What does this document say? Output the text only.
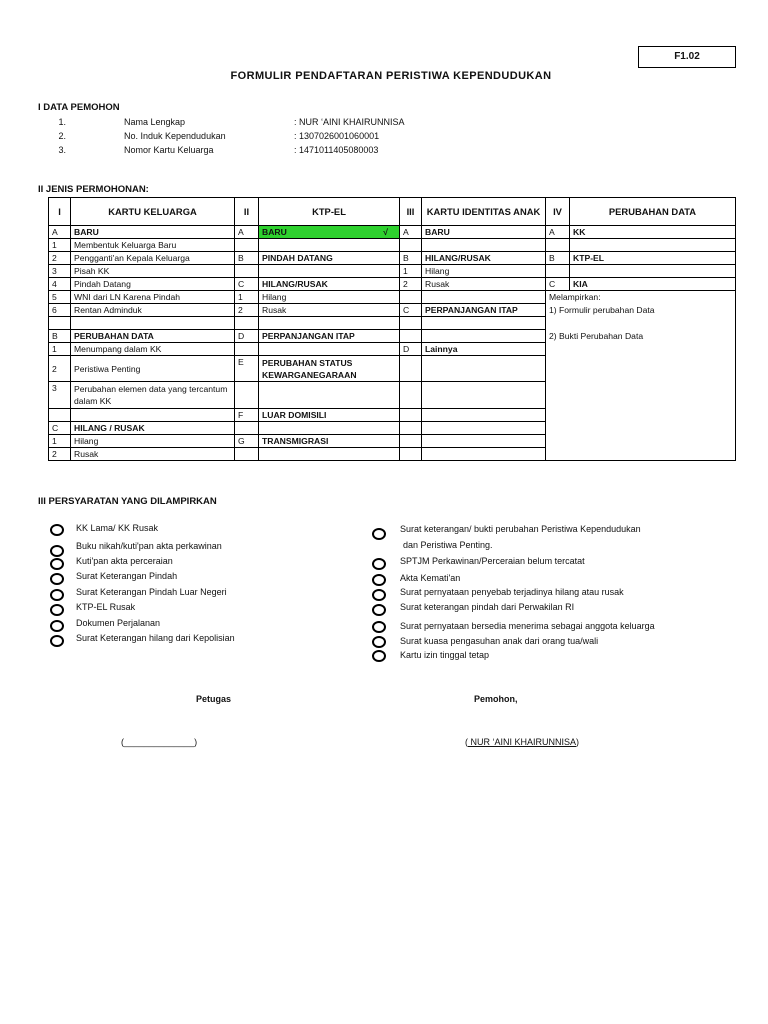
F1.02
FORMULIR PENDAFTARAN PERISTIWA KEPENDUDUKAN
I DATA PEMOHON
1.	Nama Lengkap	: NUR ‘AINI KHAIRUNNISA
2.	No. Induk Kependudukan	: 1307026001060001
3.	Nomor Kartu Keluarga	: 1471011405080003
II JENIS PERMOHONAN:
I	KARTU KELUARGA	II	KTP-EL	III	KARTU IDENTITAS ANAK	IV	PERUBAHAN DATA
A	BARU	A	BARU √	A	BARU	A	KK
1	Membentuk Keluarga Baru						
2	Pengganti'an Kepala Keluarga	B	PINDAH DATANG	B	HILANG/RUSAK	B	KTP-EL
3	Pisah KK			1	Hilang		
4	Pindah Datang	C	HILANG/RUSAK	2	Rusak	C	KIA
5	WNI dari LN Karena Pindah	1	Hilang			Melampirkan:	
6	Rentan Adminduk	2	Rusak	C	PERPANJANGAN ITAP	1) Formulir perubahan Data	

B	PERUBAHAN DATA	D	PERPANJANGAN ITAP			2) Bukti Perubahan Data	
1	Menumpang dalam KK			D	Lainnya		
2	Peristiwa Penting	E	PERUBAHAN STATUS KEWARGANEGARAAN				
3	Perubahan elemen data yang tercantum dalam KK						
		F	LUAR DOMISILI				
C	HILANG / RUSAK						
1	Hilang	G	TRANSMIGRASI				
2	Rusak						
III PERSYARATAN YANG DILAMPIRKAN
KK Lama/ KK Rusak
Buku nikah/kuti'pan akta perkawinan
Kuti'pan akta perceraian
Surat Keterangan Pindah
Surat Keterangan Pindah Luar Negeri
KTP-EL Rusak
Dokumen Perjalanan
Surat Keterangan hilang dari Kepolisian
Surat keterangan/ bukti perubahan Peristiwa Kependudukan
dan Peristiwa Penting.
SPTJM Perkawinan/Perceraian belum tercatat
Akta Kemati'an
Surat pernyataan penyebab terjadinya hilang atau rusak
Surat keterangan pindah dari Perwakilan RI
Surat pernyataan bersedia menerima sebagai anggota keluarga
Surat kuasa pengasuhan anak dari orang tua/wali
Kartu izin tinggal tetap
Petugas	Pemohon,
(______________)	( NUR ‘AINI KHAIRUNNISA)
